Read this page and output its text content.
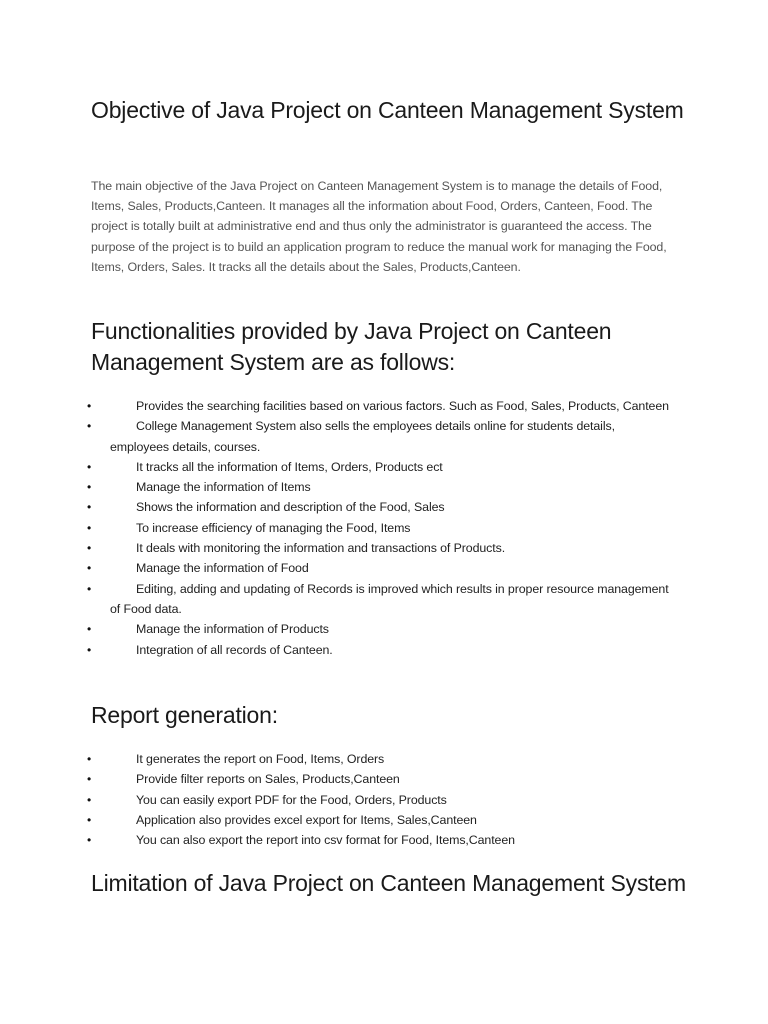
Objective of Java Project on Canteen Management System

The main objective of the Java Project on Canteen Management System is to manage the details of Food, Items, Sales, Products,Canteen. It manages all the information about Food, Orders, Canteen, Food. The project is totally built at administrative end and thus only the administrator is guaranteed the access. The purpose of the project is to build an application program to reduce the manual work for managing the Food, Items, Orders, Sales. It tracks all the details about the Sales, Products,Canteen.

Functionalities provided by Java Project on Canteen Management System are as follows:
•	Provides the searching facilities based on various factors. Such as Food, Sales, Products, Canteen
•	College Management System also sells the employees details online for students details, employees details, courses.
•	It tracks all the information of Items, Orders, Products ect
•	Manage the information of Items
•	Shows the information and description of the Food, Sales
•	To increase efficiency of managing the Food, Items
•	It deals with monitoring the information and transactions of Products.
•	Manage the information of Food
•	Editing, adding and updating of Records is improved which results in proper resource management of Food data.
•	Manage the information of Products
•	Integration of all records of Canteen.
Report generation:
•	It generates the report on Food, Items, Orders
•	Provide filter reports on Sales, Products,Canteen
•	You can easily export PDF for the Food, Orders, Products
•	Application also provides excel export for Items, Sales,Canteen
•	You can also export the report into csv format for Food, Items,Canteen
Limitation of Java Project on Canteen Management System
